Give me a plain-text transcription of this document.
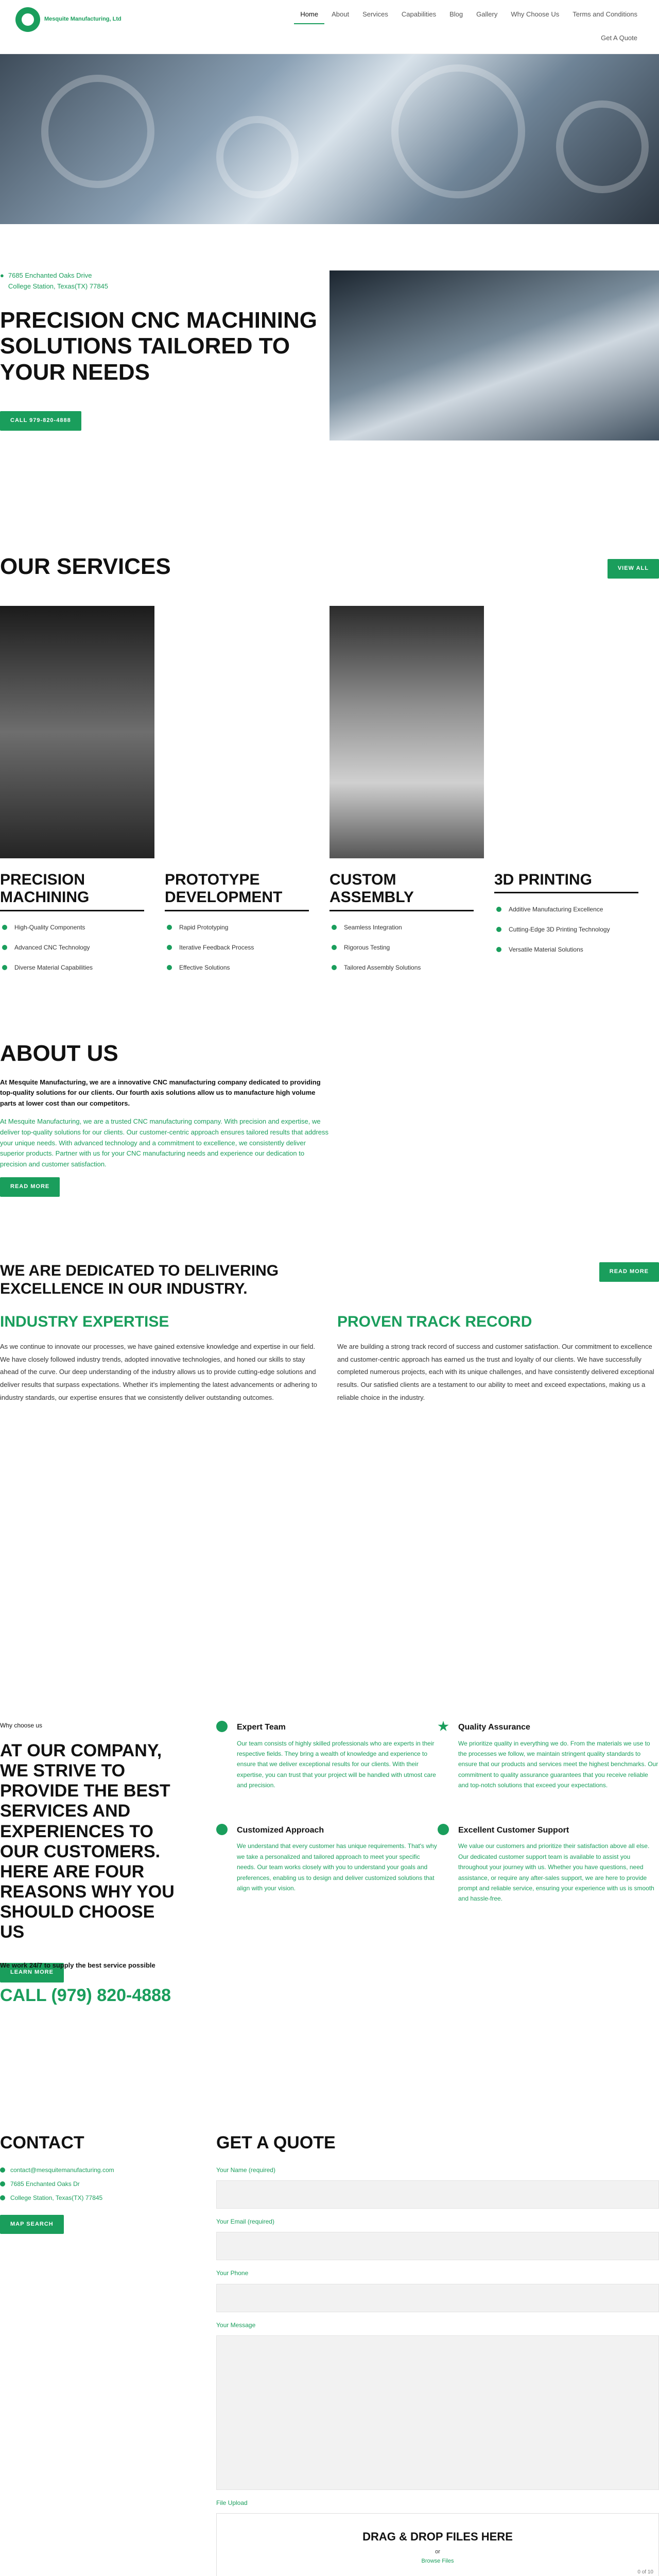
Mesquite Manufacturing, Ltd
Home	About	Services	Capabilities	Blog	Gallery	Why Choose Us	Terms and Conditions
Get A Quote
● 7685 Enchanted Oaks Drive
College Station, Texas(TX) 77845
PRECISION CNC MACHINING SOLUTIONS TAILORED TO YOUR NEEDS
CALL 979-820-4888
OUR SERVICES	VIEW ALL
PRECISION MACHINING
High-Quality Components
Advanced CNC Technology
Diverse Material Capabilities
PROTOTYPE DEVELOPMENT
Rapid Prototyping
Iterative Feedback Process
Effective Solutions
CUSTOM ASSEMBLY
Seamless Integration
Rigorous Testing
Tailored Assembly Solutions
3D PRINTING
Additive Manufacturing Excellence
Cutting-Edge 3D Printing Technology
Versatile Material Solutions
ABOUT US

At Mesquite Manufacturing, we are a innovative CNC manufacturing company dedicated to providing top-quality solutions for our clients. Our fourth axis solutions allow us to manufacture high volume parts at lower cost than our competitors.

At Mesquite Manufacturing, we are a trusted CNC manufacturing company. With precision and expertise, we deliver top-quality solutions for our clients. Our customer-centric approach ensures tailored results that address your unique needs. With advanced technology and a commitment to excellence, we consistently deliver superior products. Partner with us for your CNC manufacturing needs and experience our dedication to precision and customer satisfaction.

READ MORE
WE ARE DEDICATED TO DELIVERING EXCELLENCE IN OUR INDUSTRY.
READ MORE
INDUSTRY EXPERTISE

As we continue to innovate our processes, we have gained extensive knowledge and expertise in our field. We have closely followed industry trends, adopted innovative technologies, and honed our skills to stay ahead of the curve. Our deep understanding of the industry allows us to provide cutting-edge solutions and deliver results that surpass expectations. Whether it's implementing the latest advancements or adhering to industry standards, our expertise ensures that we consistently deliver outstanding outcomes.

PROVEN TRACK RECORD

We are building a strong track record of success and customer satisfaction. Our commitment to excellence and customer-centric approach has earned us the trust and loyalty of our clients. We have successfully completed numerous projects, each with its unique challenges, and have consistently delivered exceptional results. Our satisfied clients are a testament to our ability to meet and exceed expectations, making us a reliable choice in the industry.

Why choose us
AT OUR COMPANY, WE STRIVE TO PROVIDE THE BEST SERVICES AND EXPERIENCES TO OUR CUSTOMERS. HERE ARE FOUR REASONS WHY YOU SHOULD CHOOSE US
LEARN MORE
Expert Team

Our team consists of highly skilled professionals who are experts in their respective fields. They bring a wealth of knowledge and experience to ensure that we deliver exceptional results for our clients. With their expertise, you can trust that your project will be handled with utmost care and precision.

Quality Assurance

We prioritize quality in everything we do. From the materials we use to the processes we follow, we maintain stringent quality standards to ensure that our products and services meet the highest benchmarks. Our commitment to quality assurance guarantees that you receive reliable and top-notch solutions that exceed your expectations.

Customized Approach

We understand that every customer has unique requirements. That's why we take a personalized and tailored approach to meet your specific needs. Our team works closely with you to understand your goals and preferences, enabling us to design and deliver customized solutions that align with your vision.

Excellent Customer Support

We value our customers and prioritize their satisfaction above all else. Our dedicated customer support team is available to assist you throughout your journey with us. Whether you have questions, need assistance, or require any after-sales support, we are here to provide prompt and reliable service, ensuring your experience with us is smooth and hassle-free.

We work 24/7 to supply the best service possible
CALL (979) 820-4888
CONTACT
contact@mesquitemanufacturing.com
7685 Enchanted Oaks Dr
College Station, Texas(TX) 77845
MAP SEARCH
GET A QUOTE
Your Name (required)
Your Email (required)
Your Phone
Your Message
File Upload
DRAG & DROP FILES HERE
or
Browse Files
0 of 10
